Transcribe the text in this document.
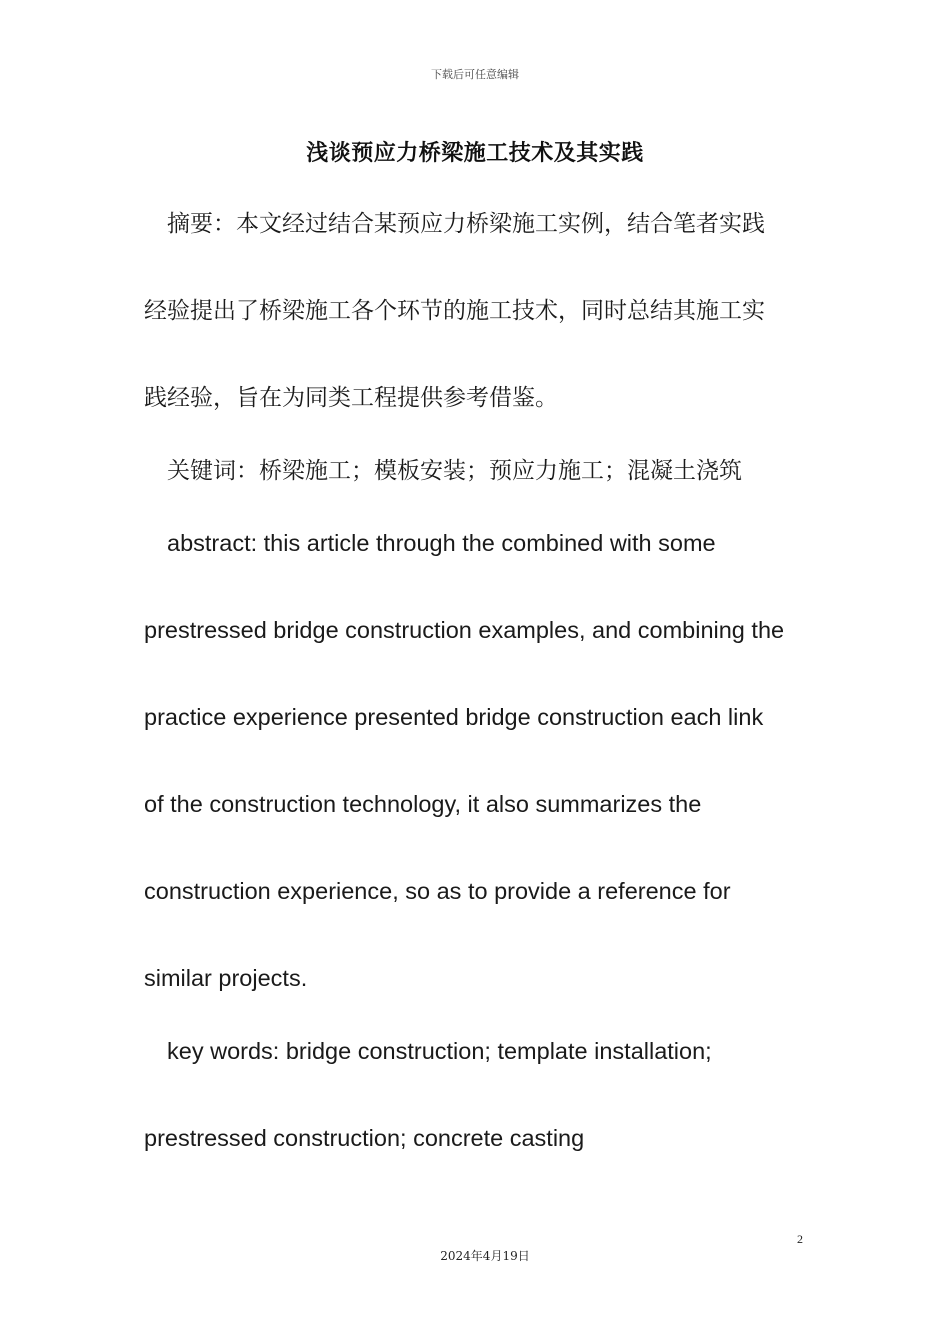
下载后可任意编辑
浅谈预应力桥梁施工技术及其实践
摘要：本文经过结合某预应力桥梁施工实例，结合笔者实践
经验提出了桥梁施工各个环节的施工技术，同时总结其施工实
践经验，旨在为同类工程提供参考借鉴。
关键词：桥梁施工；模板安装；预应力施工；混凝土浇筑
abstract: this article through the combined with some
prestressed bridge construction examples, and combining the
practice experience presented bridge construction each link
of the construction technology, it also summarizes the
construction experience, so as to provide a reference for
similar projects.
key words: bridge construction; template installation;
prestressed construction; concrete casting
2
2024年4月19日
